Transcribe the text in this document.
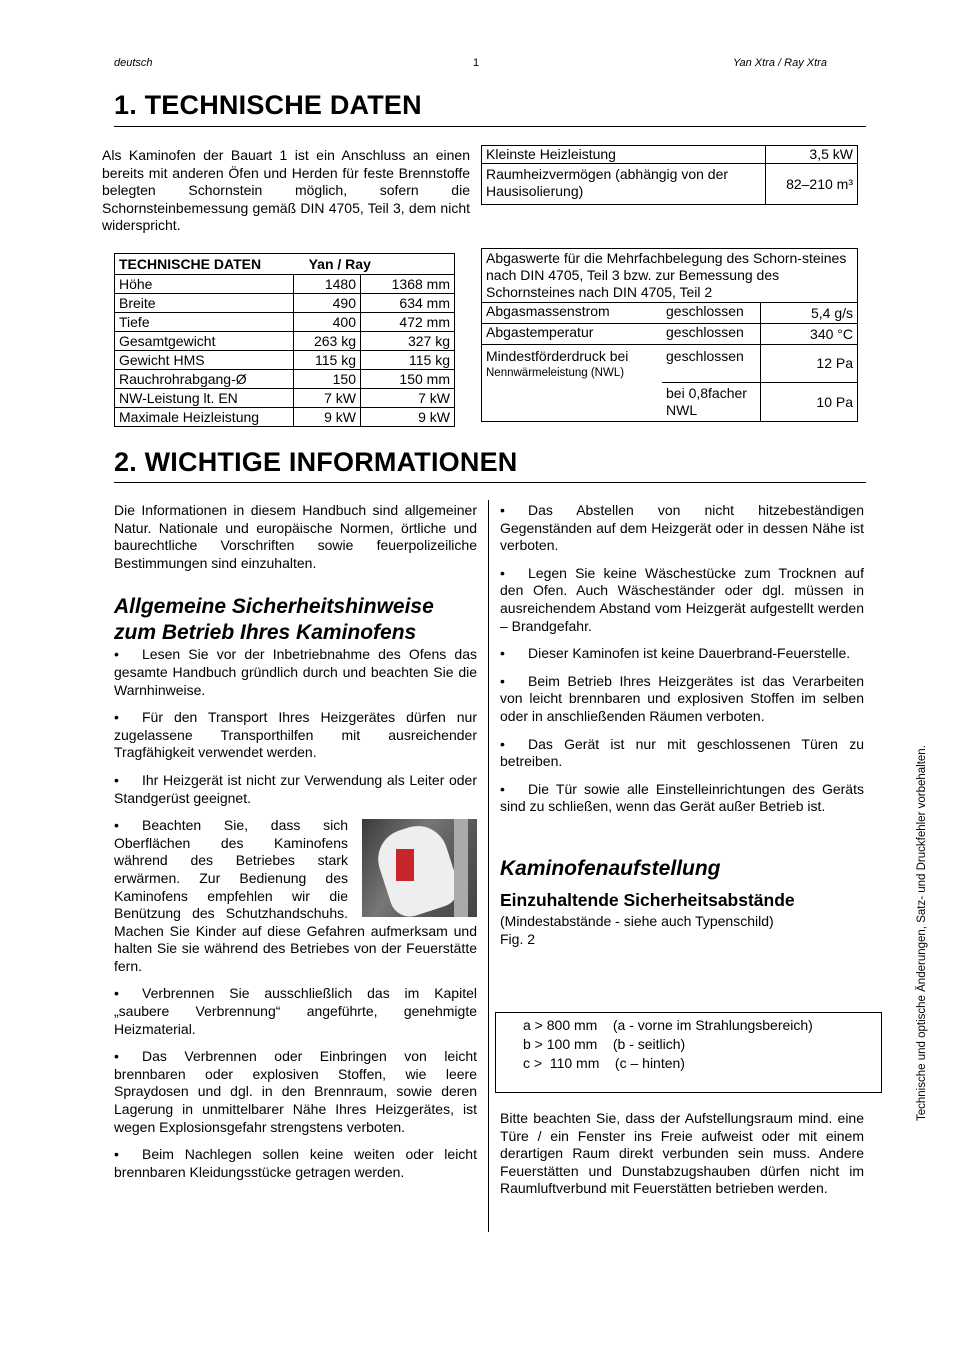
deutsch	1	Yan Xtra / Ray Xtra
1. TECHNISCHE DATEN

Als Kaminofen der Bauart 1 ist ein Anschluss an einen bereits mit anderen Öfen und Herden für feste Brennstoffe belegten Schornstein möglich, sofern die Schornsteinbemessung gemäß DIN 4705, Teil 3, dem nicht widerspricht.

Kleinste Heizleistung	3,5 kW
Raumheizvermögen (abhängig von der Hausisolierung)	82–210 m³
TECHNISCHE DATEN Yan / Ray		
Höhe	1480	1368 mm
Breite	490	634 mm
Tiefe	400	472 mm
Gesamtgewicht	263 kg	327 kg
Gewicht HMS	115 kg	115 kg
Rauchrohrabgang-Ø	150	150 mm
NW-Leistung lt. EN	7 kW	7 kW
Maximale Heizleistung	9 kW	9 kW
Abgaswerte für die Mehrfachbelegung des Schorn-steines nach DIN 4705, Teil 3 bzw. zur Bemessung des Schornsteines nach DIN 4705, Teil 2		
Abgasmassenstrom	geschlossen	5,4 g/s
Abgastemperatur	geschlossen	340 °C

Mindestförderdruck bei
Nennwärmeleistung (NWL)	geschlossen	12 Pa
	bei 0,8facher NWL	10 Pa
2. WICHTIGE INFORMATIONEN

Die Informationen in diesem Handbuch sind allgemeiner Natur. Nationale und europäische Normen, örtliche und baurechtliche Vorschriften sowie feuerpolizeiliche Bestimmungen sind einzuhalten.

Allgemeine Sicherheitshinweise zum Betrieb Ihres Kaminofens

• Lesen Sie vor der Inbetriebnahme des Ofens das gesamte Handbuch gründlich durch und beachten Sie die Warnhinweise.

• Für den Transport Ihres Heizgerätes dürfen nur zugelassene Transporthilfen mit ausreichender Tragfähigkeit verwendet werden.

• Ihr Heizgerät ist nicht zur Verwendung als Leiter oder Standgerüst geeignet.

• Beachten Sie, dass sich Oberflächen des Kaminofens während des Betriebes stark erwärmen. Zur Bedienung des Kaminofens empfehlen wir die Benützung des Schutzhandschuhs. Machen Sie Kinder auf diese Gefahren aufmerksam und halten Sie sie während des Betriebes von der Feuerstätte fern.

• Verbrennen Sie ausschließlich das im Kapitel „saubere Verbrennung“ angeführte, genehmigte Heizmaterial.

• Das Verbrennen oder Einbringen von leicht brennbaren oder explosiven Stoffen, wie leere Spraydosen und dgl. in den Brennraum, sowie deren Lagerung in unmittelbarer Nähe Ihres Heizgerätes, ist wegen Explosionsgefahr strengstens verboten.

• Beim Nachlegen sollen keine weiten oder leicht brennbaren Kleidungsstücke getragen werden.

• Das Abstellen von nicht hitzebeständigen Gegenständen auf dem Heizgerät oder in dessen Nähe ist verboten.

• Legen Sie keine Wäschestücke zum Trocknen auf den Ofen. Auch Wäscheständer oder dgl. müssen in ausreichendem Abstand vom Heizgerät aufgestellt werden – Brandgefahr.

• Dieser Kaminofen ist keine Dauerbrand-Feuerstelle.

• Beim Betrieb Ihres Heizgerätes ist das Verarbeiten von leicht brennbaren und explosiven Stoffen im selben oder in anschließenden Räumen verboten.

• Das Gerät ist nur mit geschlossenen Türen zu betreiben.

• Die Tür sowie alle Einstelleinrichtungen des Geräts sind zu schließen, wenn das Gerät außer Betrieb ist.

Kaminofenaufstellung

Einzuhaltende Sicherheitsabstände

(Mindestabstände - siehe auch Typenschild)

Fig. 2

a > 800 mm    (a - vorne im Strahlungsbereich)
b > 100 mm    (b - seitlich)
c >  110 mm    (c – hinten)

Bitte beachten Sie, dass der Aufstellungsraum mind. eine Türe / ein Fenster ins Freie aufweist oder mit einem derartigen Raum direkt verbunden sein muss. Andere Feuerstätten und Dunstabzugshauben dürfen nicht im Raumluftverbund mit Feuerstätten betrieben werden.

Technische und optische Änderungen, Satz- und Druckfehler vorbehalten.
